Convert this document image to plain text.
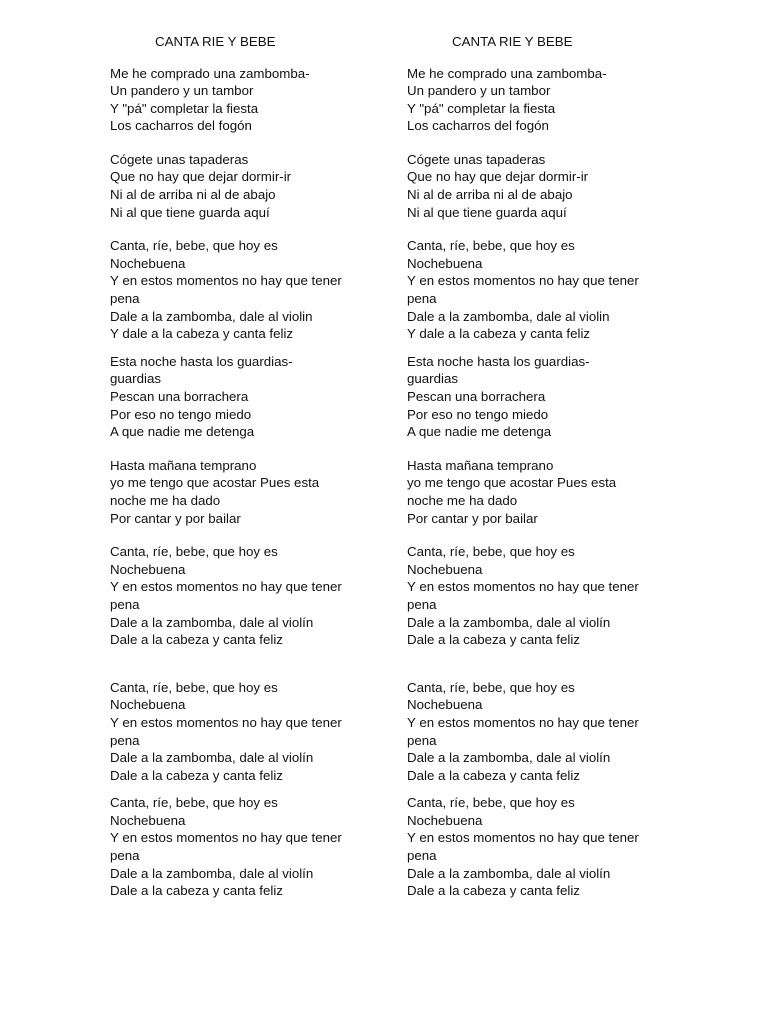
CANTA RIE Y BEBE
Me he comprado una zambomba-
Un pandero y un tambor
Y "pá" completar la fiesta
Los cacharros del fogón
Cógete unas tapaderas
Que no hay que dejar dormir-ir
Ni al de arriba ni al de abajo
Ni al que tiene guarda aquí
Canta, ríe, bebe, que hoy es
Nochebuena
Y en estos momentos no hay que tener
pena
Dale a la zambomba, dale al violin
Y dale a la cabeza y canta feliz
Esta noche hasta los guardias-
guardias
Pescan una borrachera
Por eso no tengo miedo
A que nadie me detenga
Hasta mañana temprano
yo me tengo que acostar Pues esta
noche me ha dado
Por cantar y por bailar
Canta, ríe, bebe, que hoy es
Nochebuena
Y en estos momentos no hay que tener
pena
Dale a la zambomba, dale al violín
Dale a la cabeza y canta feliz
Canta, ríe, bebe, que hoy es
Nochebuena
Y en estos momentos no hay que tener
pena
Dale a la zambomba, dale al violín
Dale a la cabeza y canta feliz
Canta, ríe, bebe, que hoy es
Nochebuena
Y en estos momentos no hay que tener
pena
Dale a la zambomba, dale al violín
Dale a la cabeza y canta feliz
CANTA RIE Y BEBE
Me he comprado una zambomba-
Un pandero y un tambor
Y "pá" completar la fiesta
Los cacharros del fogón
Cógete unas tapaderas
Que no hay que dejar dormir-ir
Ni al de arriba ni al de abajo
Ni al que tiene guarda aquí
Canta, ríe, bebe, que hoy es
Nochebuena
Y en estos momentos no hay que tener
pena
Dale a la zambomba, dale al violin
Y dale a la cabeza y canta feliz
Esta noche hasta los guardias-
guardias
Pescan una borrachera
Por eso no tengo miedo
A que nadie me detenga
Hasta mañana temprano
yo me tengo que acostar Pues esta
noche me ha dado
Por cantar y por bailar
Canta, ríe, bebe, que hoy es
Nochebuena
Y en estos momentos no hay que tener
pena
Dale a la zambomba, dale al violín
Dale a la cabeza y canta feliz
Canta, ríe, bebe, que hoy es
Nochebuena
Y en estos momentos no hay que tener
pena
Dale a la zambomba, dale al violín
Dale a la cabeza y canta feliz
Canta, ríe, bebe, que hoy es
Nochebuena
Y en estos momentos no hay que tener
pena
Dale a la zambomba, dale al violín
Dale a la cabeza y canta feliz
